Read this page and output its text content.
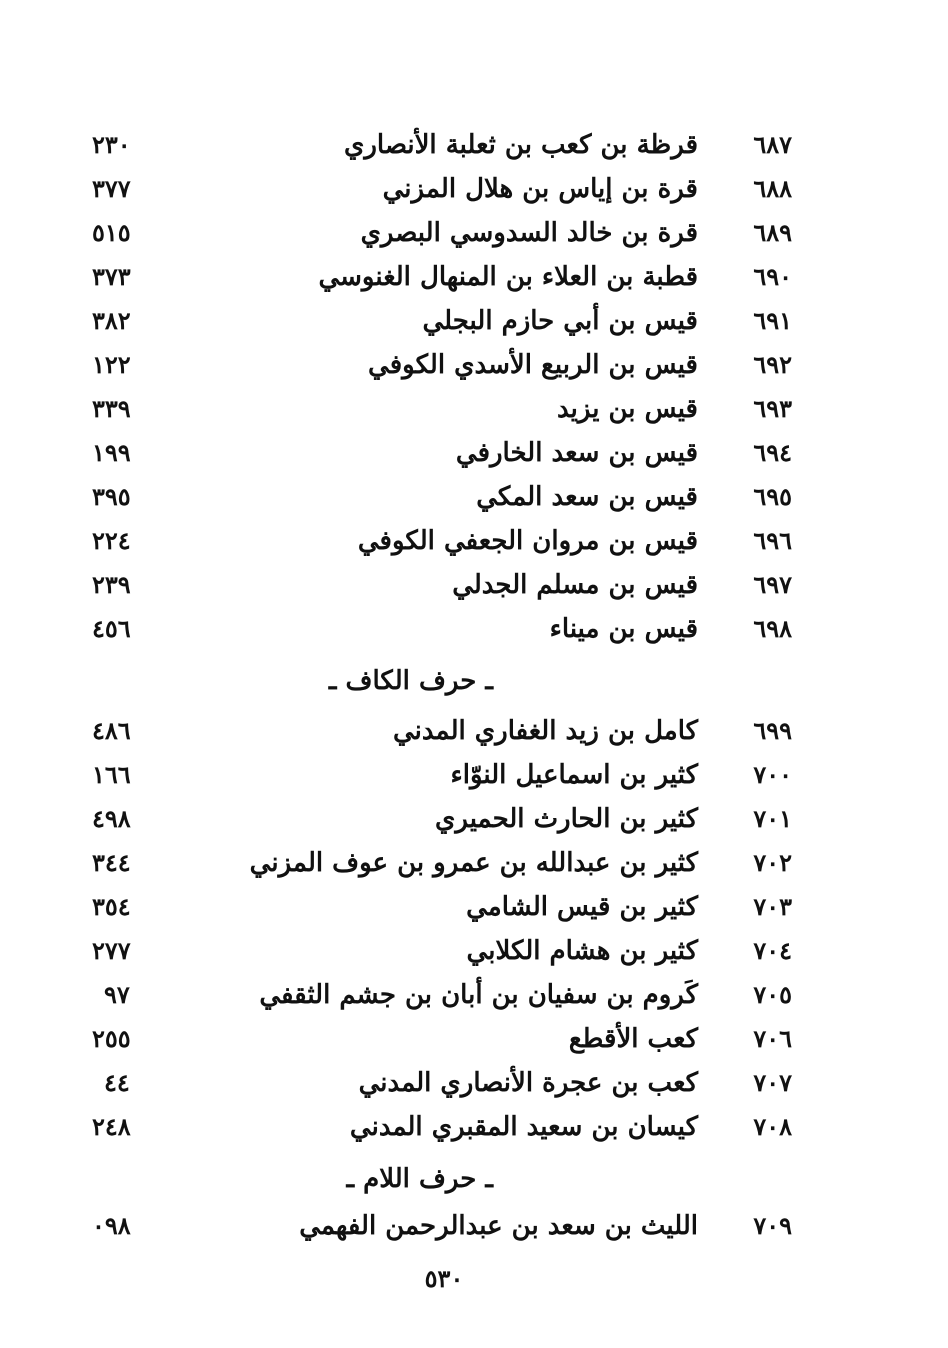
٢٣٠	قرظة بن كعب بن ثعلبة الأنصاري	٦٨٧
٣٧٧	قرة بن إياس بن هلال المزني	٦٨٨
٥١٥	قرة بن خالد السدوسي البصري	٦٨٩
٣٧٣	قطبة بن العلاء بن المنهال الغنوسي	٦٩٠
٣٨٢	قيس بن أبي حازم البجلي	٦٩١
١٢٢	قيس بن الربيع الأسدي الكوفي	٦٩٢
٣٣٩	قيس بن يزيد	٦٩٣
١٩٩	قيس بن سعد الخارفي	٦٩٤
٣٩٥	قيس بن سعد المكي	٦٩٥
٢٢٤	قيس بن مروان الجعفي الكوفي	٦٩٦
٢٣٩	قيس بن مسلم الجدلي	٦٩٧
٤٥٦	قيس بن ميناء	٦٩٨
ـ حرف الكاف ـ
٤٨٦	كامل بن زيد الغفاري المدني	٦٩٩
١٦٦	كثير بن اسماعيل النوّاء	٧٠٠
٤٩٨	كثير بن الحارث الحميري	٧٠١
٣٤٤	كثير بن عبدالله بن عمرو بن عوف المزني	٧٠٢
٣٥٤	كثير بن قيس الشامي	٧٠٣
٢٧٧	كثير بن هشام الكلابي	٧٠٤
٩٧	كَروم بن سفيان بن أبان بن جشم الثقفي	٧٠٥
٢٥٥	كعب الأقطع	٧٠٦
٤٤	كعب بن عجرة الأنصاري المدني	٧٠٧
٢٤٨	كيسان بن سعيد المقبري المدني	٧٠٨
ـ حرف اللام ـ
٠٩٨	الليث بن سعد بن عبدالرحمن الفهمي	٧٠٩
٥٣٠
